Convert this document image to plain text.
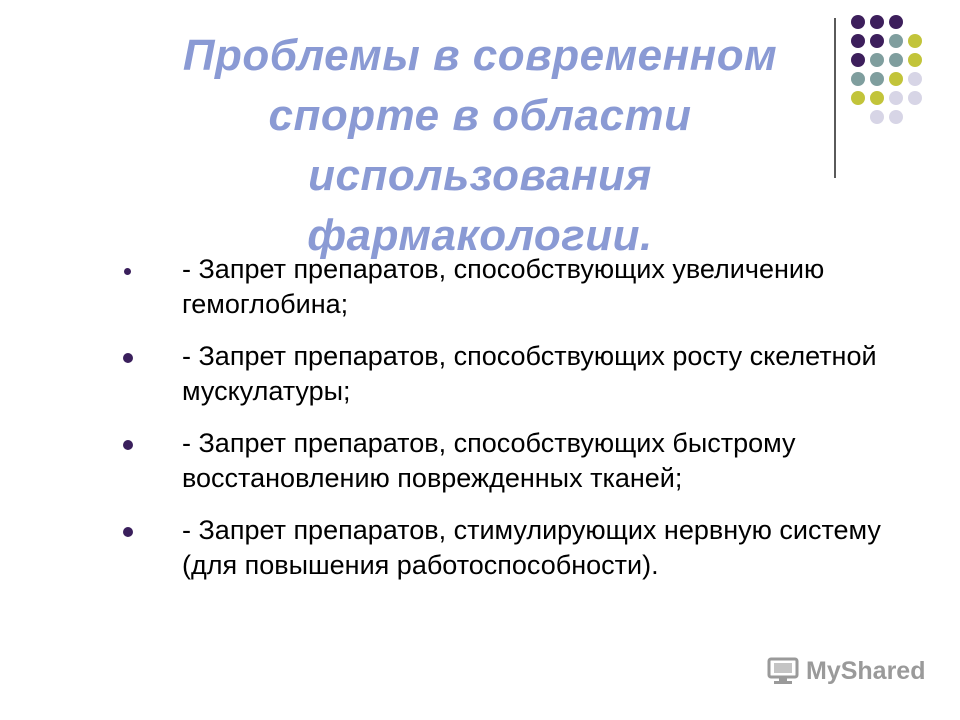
Проблемы в современном
спорте в области
использования
фармакологии.
- Запрет препаратов, способствующих увеличению гемоглобина;
- Запрет препаратов, способствующих росту скелетной мускулатуры;
- Запрет препаратов, способствующих быстрому восстановлению поврежденных тканей;
- Запрет препаратов, стимулирующих нервную систему (для повышения работоспособности).
MyShared
